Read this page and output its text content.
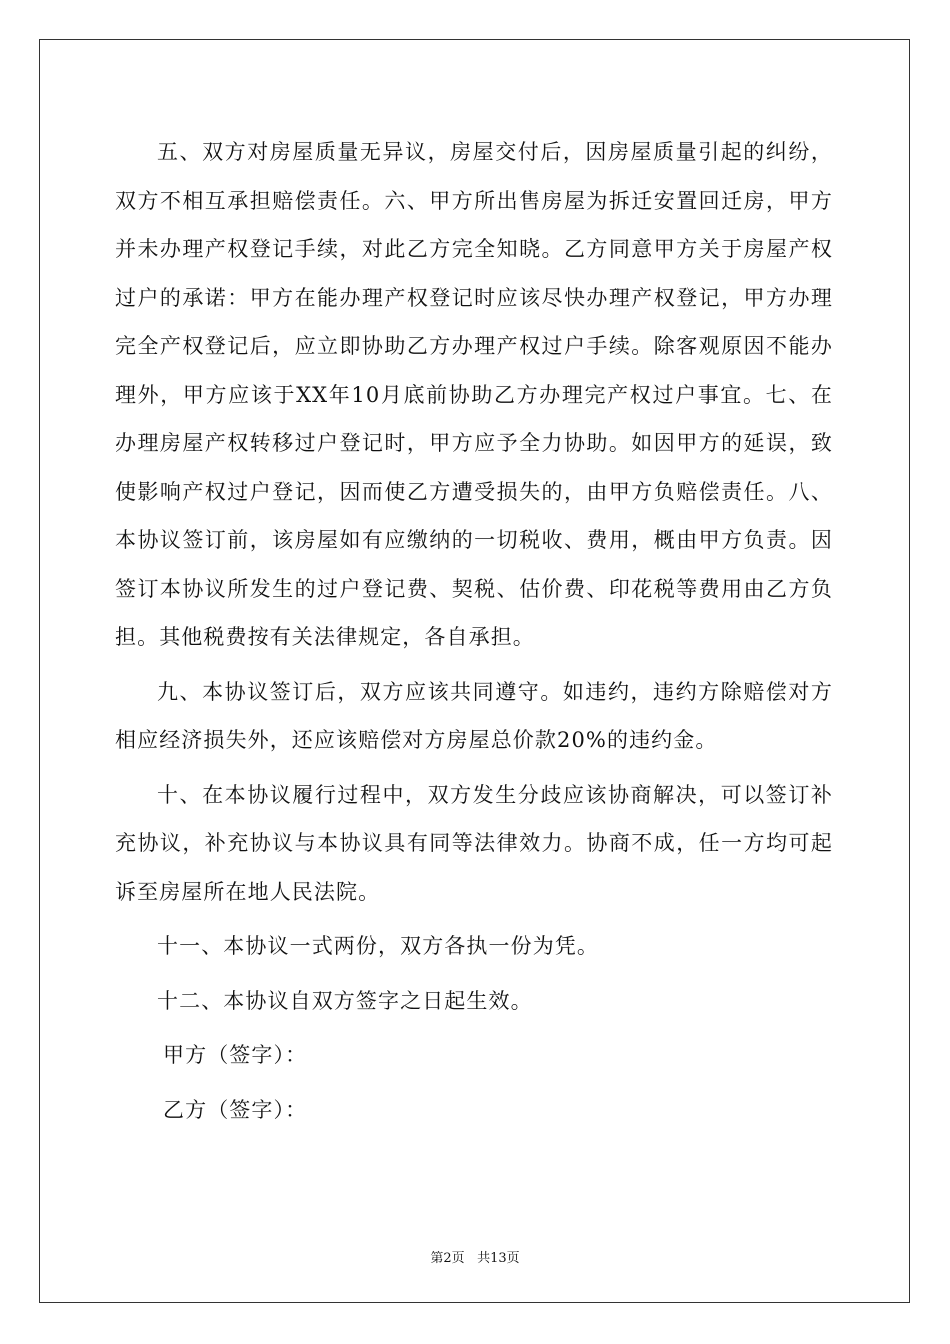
五、双方对房屋质量无异议，房屋交付后，因房屋质量引起的纠纷，双方不相互承担赔偿责任。六、甲方所出售房屋为拆迁安置回迁房，甲方并未办理产权登记手续，对此乙方完全知晓。乙方同意甲方关于房屋产权过户的承诺：甲方在能办理产权登记时应该尽快办理产权登记，甲方办理完全产权登记后，应立即协助乙方办理产权过户手续。除客观原因不能办理外，甲方应该于XX年10月底前协助乙方办理完产权过户事宜。七、在办理房屋产权转移过户登记时，甲方应予全力协助。如因甲方的延误，致使影响产权过户登记，因而使乙方遭受损失的，由甲方负赔偿责任。八、本协议签订前，该房屋如有应缴纳的一切税收、费用，概由甲方负责。因签订本协议所发生的过户登记费、契税、估价费、印花税等费用由乙方负担。其他税费按有关法律规定，各自承担。

九、本协议签订后，双方应该共同遵守。如违约，违约方除赔偿对方相应经济损失外，还应该赔偿对方房屋总价款20%的违约金。

十、在本协议履行过程中，双方发生分歧应该协商解决，可以签订补充协议，补充协议与本协议具有同等法律效力。协商不成，任一方均可起诉至房屋所在地人民法院。

十一、本协议一式两份，双方各执一份为凭。

十二、本协议自双方签字之日起生效。

甲方（签字）：

乙方（签字）：

第2页 共13页
